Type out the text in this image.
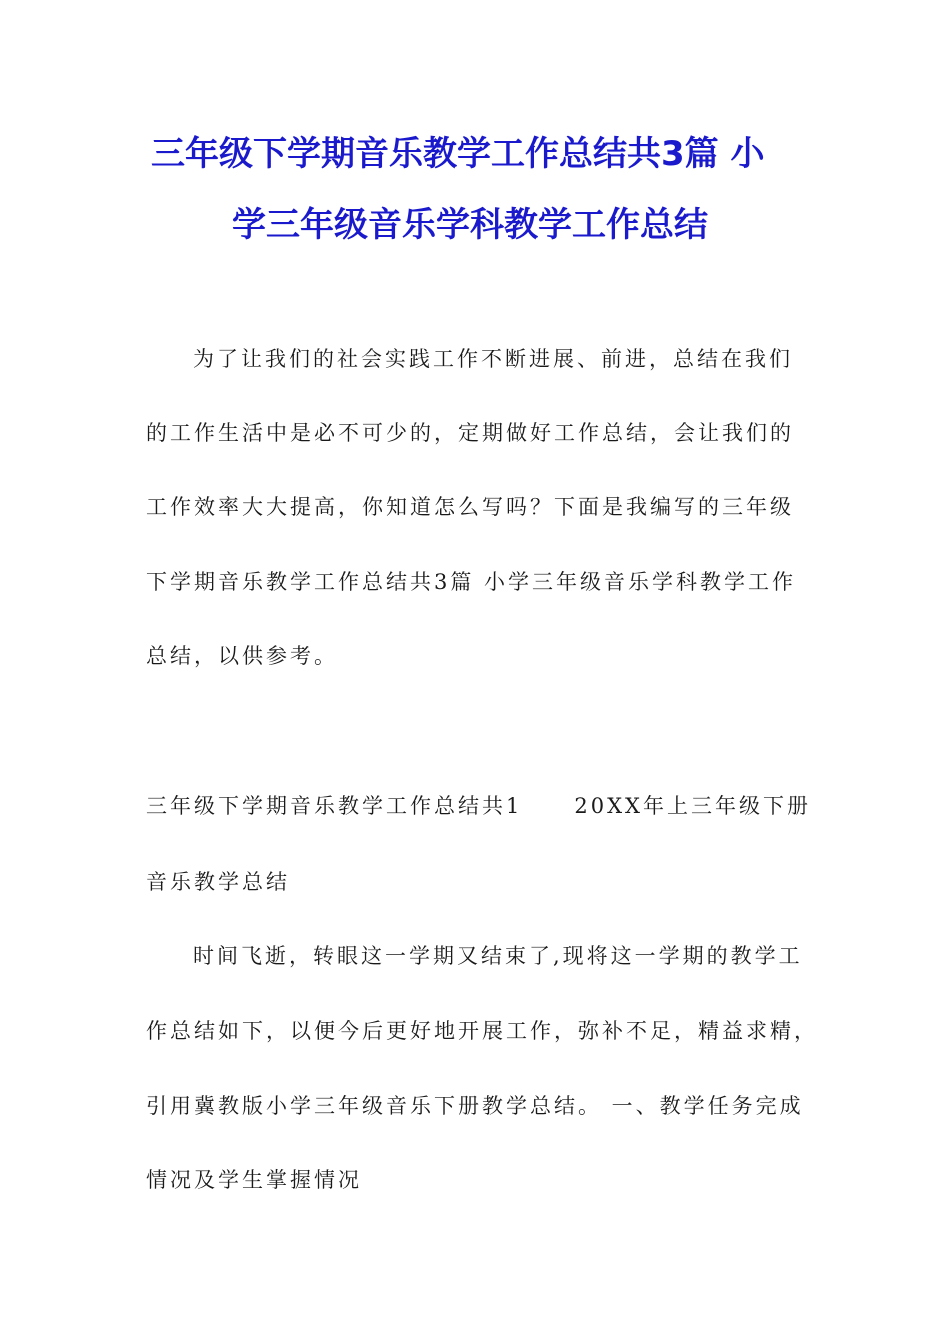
三年级下学期音乐教学工作总结共3篇 小
学三年级音乐学科教学工作总结

为了让我们的社会实践工作不断进展、前进，总结在我们

的工作生活中是必不可少的，定期做好工作总结，会让我们的

工作效率大大提高，你知道怎么写吗？下面是我编写的三年级

下学期音乐教学工作总结共3篇 小学三年级音乐学科教学工作

总结，以供参考。

三年级下学期音乐教学工作总结共1 20XX年上三年级下册

音乐教学总结

时间飞逝，转眼这一学期又结束了,现将这一学期的教学工

作总结如下，以便今后更好地开展工作，弥补不足，精益求精，

引用冀教版小学三年级音乐下册教学总结。 一、教学任务完成

情况及学生掌握情况
